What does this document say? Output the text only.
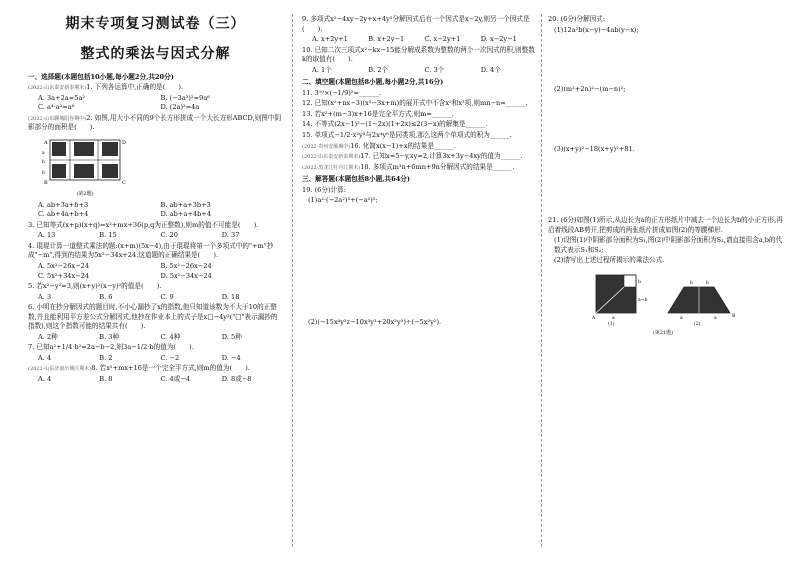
期末专项复习测试卷（三）
整式的乘法与因式分解
一、选择题(本题包括10小题,每小题2分,共20分)
(2022·山东泰安新泰期末)1. 下列各运算中,正确的是(　　).
A. 3a+2a=5a²	B. (−3a³)²=9a⁶
C. a⁴·a²=a⁸	D. (2a)²=4a
(2022·山东聊城阳谷期中)2. 如图,用大小不同的9个长方形拼成一个大长方形ABCD,则图中阴影部分的面积是(　　).
A	D
B	C
a
b
b
(第2题)
A. ab+3a+b+3	B. ab+a+3b+3
C. ab+4a+b+4	D. ab+a+4b+4
3. 已知等式(x+p)(x+q)=x²+mx+36(p,q为正整数),则m的值不可能是(　　).
A. 13	B. 15	C. 20	D. 37
4. 琨琨计算一道整式乘法的题:(x+m)(5x−4),由于琨琨将第一个多项式中的"+m"抄成"−m",得到的结果为5x²−34x+24.这道题的正确结果是(　　).
A. 5x²−26x−24	B. 5x²−26x−24
C. 5x²+34x−24	D. 5x²−34x−24
5. 若x²−y²=3,则(x+y)²(x−y)²的值是(　　).
A. 3	B. 6	C. 9	D. 18
6. 小明在抄分解因式的题目时,不小心漏抄了x的指数,他只知道该数为不大于10的正整数,并且能利用平方差公式分解因式,他抄在作业本上的式子是x□−4y²("□"表示漏抄的指数),则这个指数可能的结果共有(　　).
A. 2种	B. 3种	C. 4种	D. 5种
7. 已知a²+1/4·b²=2a−b−2,则3a−1/2·b的值为(　　).
A. 4	B. 2	C. −2	D. −4
(2022·山东济南历城区期末)8. 若x²+mx+16是一个完全平方式,则m的值为(　　).
A. 4	B. 8	C. 4或−4	D. 8或−8
9. 多项式x²−4xy−2y+x+4y²分解因式后有一个因式是x−2y,则另一个因式是(　　).
A. x+2y+1	B. x+2y−1	C. x−2y+1	D. x−2y−1
10. 已知二次三项式x²−kx−15能分解成系数为整数的两个一次因式的积,则整数k的取值有(　　).
A. 1个	B. 2个	C. 3个	D. 4个
二、填空题(本题包括8小题,每小题2分,共16分)
11. 3¹⁰×(−1/9)⁵=______.
12. 已知(x²+nx−3)(x²−3x+m)的展开式中不含x²和x³项,则mn−n=______.
13. 若x²+(m−3)x+16是完全平方式,则m=______.
14. 不等式(2x−1)²−(1−2x)(1+2x)≤2(3−x)的解集是______.
15. 单项式−1/2·x²y³与2x⁴y⁸是同类项,那么这两个单项式的积为______.
(2022·贵州安顺期中)16. 化简x(x−1)+x的结果是______.
(2022·山东泰安新泰期末)17. 已知x=5−y,xy=2,计算3x+3y−4xy的值为______.
(2022·黑龙江牡丹江期末)18. 多项式m³n+6mn+9n分解因式的结果是______.
三、解答题(本题包括8小题,共64分)
19. (6分)计算:
(1)a²·(−2a²)³+(−a²)⁵;
(2)(−15x⁴y²z−10x³y³+20x²y²)÷(−5x²y²).
20. (6分)分解因式:
(1)12a²b(x−y)−4ab(y−x);
(2)(m²+2n)²−(m−n)²;
(3)(x+y)²−18(x+y)²+81.
21. (6分)如图(1)所示,从边长为a的正方形纸片中减去一个边长为b的小正方形,再沿着线段AB剪开,把剪成的两张纸片拼成如图(2)的等腰梯形.
(1)设图(1)中阴影部分面积为S₁,图(2)中阴影部分面积为S₂,请直接用含a,b的代数式表示S₁和S₂;
(2)请写出上述过程所揭示的乘法公式.
b
a−b
A	a
(1)
b	b
a	a	B
(2)
(第21题)
